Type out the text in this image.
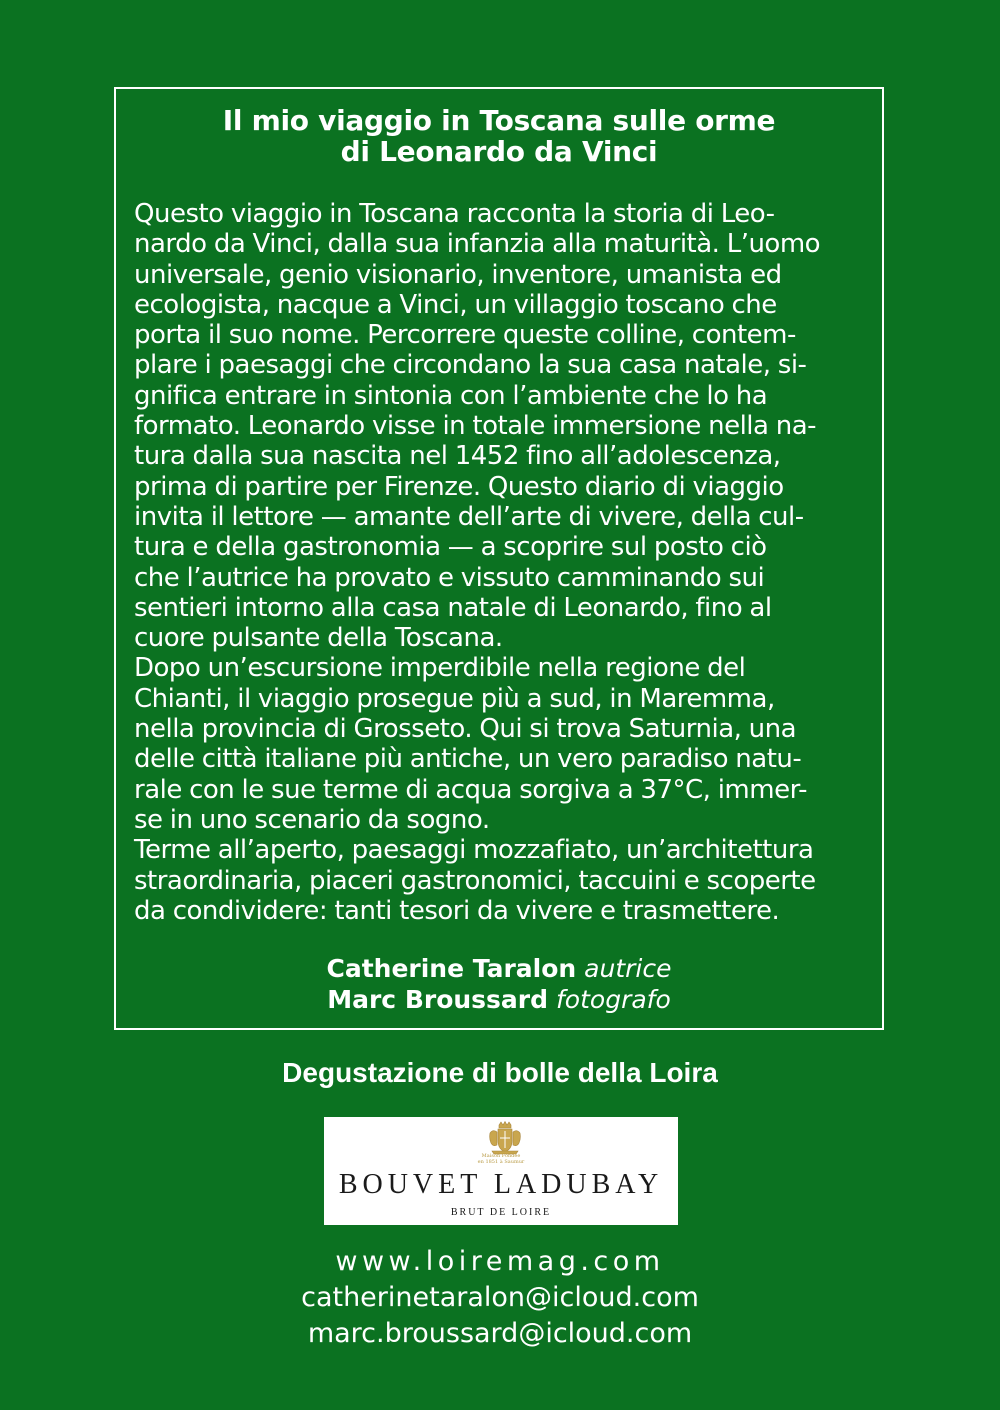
Il mio viaggio in Toscana sulle orme
di Leonardo da Vinci
Questo viaggio in Toscana racconta la storia di Leo-
nardo da Vinci, dalla sua infanzia alla maturità. L’uomo
universale, genio visionario, inventore, umanista ed
ecologista, nacque a Vinci, un villaggio toscano che
porta il suo nome. Percorrere queste colline, contem-
plare i paesaggi che circondano la sua casa natale, si-
gnifica entrare in sintonia con l’ambiente che lo ha
formato. Leonardo visse in totale immersione nella na-
tura dalla sua nascita nel 1452 fino all’adolescenza,
prima di partire per Firenze. Questo diario di viaggio
invita il lettore — amante dell’arte di vivere, della cul-
tura e della gastronomia — a scoprire sul posto ciò
che l’autrice ha provato e vissuto camminando sui
sentieri intorno alla casa natale di Leonardo, fino al
cuore pulsante della Toscana.
Dopo un’escursione imperdibile nella regione del
Chianti, il viaggio prosegue più a sud, in Maremma,
nella provincia di Grosseto. Qui si trova Saturnia, una
delle città italiane più antiche, un vero paradiso natu-
rale con le sue terme di acqua sorgiva a 37°C, immer-
se in uno scenario da sogno.
Terme all’aperto, paesaggi mozzafiato, un’architettura
straordinaria, piaceri gastronomici, taccuini e scoperte
da condividere: tanti tesori da vivere e trasmettere.
Catherine Taralon autrice
Marc Broussard fotografo
Degustazione di bolle della Loira
Maison Fondée
en 1851 à Saumur
BOUVET LADUBAY
BRUT DE LOIRE
www.loiremag.com
catherinetaralon@icloud.com
marc.broussard@icloud.com
